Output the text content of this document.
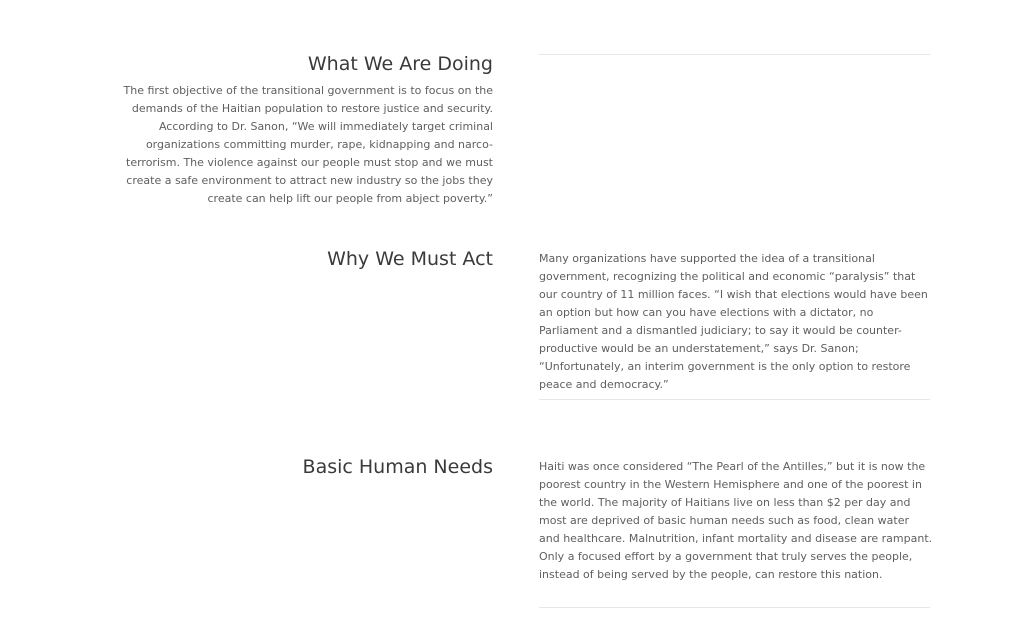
What We Are Doing

The first objective of the transitional government is to focus on the demands of the Haitian population to restore justice and security. According to Dr. Sanon, “We will immediately target criminal organizations committing murder, rape, kidnapping and narco-terrorism. The violence against our people must stop and we must create a safe environment to attract new industry so the jobs they create can help lift our people from abject poverty.”

Why We Must Act	Many organizations have supported the idea of a transitional government, recognizing the political and economic “paralysis” that our country of 11 million faces. “I wish that elections would have been an option but how can you have elections with a dictator, no Parliament and a dismantled judiciary; to say it would be counter-productive would be an understatement,” says Dr. Sanon; “Unfortunately, an interim government is the only option to restore peace and democracy.”

Basic Human Needs	Haiti was once considered “The Pearl of the Antilles,” but it is now the poorest country in the Western Hemisphere and one of the poorest in the world. The majority of Haitians live on less than $2 per day and most are deprived of basic human needs such as food, clean water and healthcare. Malnutrition, infant mortality and disease are rampant. Only a focused effort by a government that truly serves the people, instead of being served by the people, can restore this nation.
